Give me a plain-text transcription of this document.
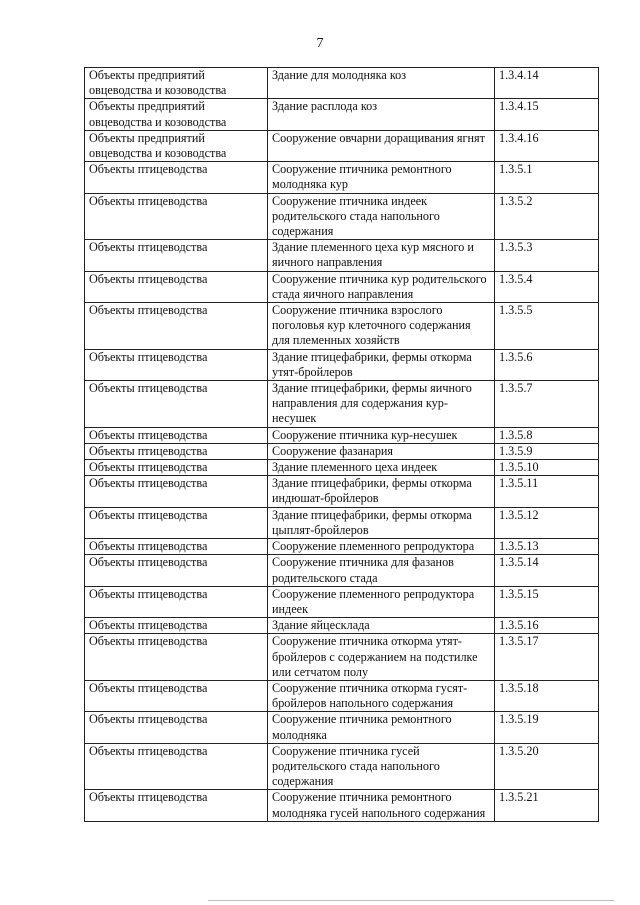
7
Объекты предприятий овцеводства и козоводства	Здание для молодняка коз	1.3.4.14
Объекты предприятий овцеводства и козоводства	Здание расплода коз	1.3.4.15
Объекты предприятий овцеводства и козоводства	Сооружение овчарни доращивания ягнят	1.3.4.16
Объекты птицеводства	Сооружение птичника ремонтного молодняка кур	1.3.5.1
Объекты птицеводства	Сооружение птичника индеек родительского стада напольного содержания	1.3.5.2
Объекты птицеводства	Здание племенного цеха кур мясного и яичного направления	1.3.5.3
Объекты птицеводства	Сооружение птичника кур родительского стада яичного направления	1.3.5.4
Объекты птицеводства	Сооружение птичника взрослого поголовья кур клеточного содержания для племенных хозяйств	1.3.5.5
Объекты птицеводства	Здание птицефабрики, фермы откорма утят-бройлеров	1.3.5.6
Объекты птицеводства	Здание птицефабрики, фермы яичного направления для содержания кур-несушек	1.3.5.7
Объекты птицеводства	Сооружение птичника кур-несушек	1.3.5.8
Объекты птицеводства	Сооружение фазанария	1.3.5.9
Объекты птицеводства	Здание племенного цеха индеек	1.3.5.10
Объекты птицеводства	Здание птицефабрики, фермы откорма индюшат-бройлеров	1.3.5.11
Объекты птицеводства	Здание птицефабрики, фермы откорма цыплят-бройлеров	1.3.5.12
Объекты птицеводства	Сооружение племенного репродуктора	1.3.5.13
Объекты птицеводства	Сооружение птичника для фазанов родительского стада	1.3.5.14
Объекты птицеводства	Сооружение племенного репродуктора индеек	1.3.5.15
Объекты птицеводства	Здание яйцесклада	1.3.5.16
Объекты птицеводства	Сооружение птичника откорма утят-бройлеров с содержанием на подстилке или сетчатом полу	1.3.5.17
Объекты птицеводства	Сооружение птичника откорма гусят-бройлеров напольного содержания	1.3.5.18
Объекты птицеводства	Сооружение птичника ремонтного молодняка	1.3.5.19
Объекты птицеводства	Сооружение птичника гусей родительского стада напольного содержания	1.3.5.20
Объекты птицеводства	Сооружение птичника ремонтного молодняка гусей напольного содержания	1.3.5.21
